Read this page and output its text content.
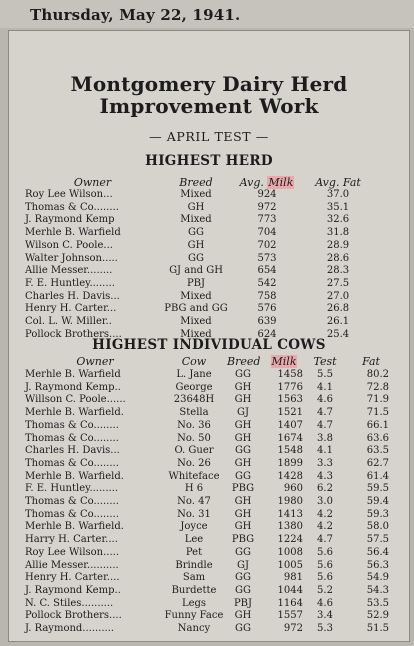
Thursday, May 22, 1941.
Montgomery Dairy Herd
Improvement Work
— APRIL TEST —
HIGHEST HERD
Owner	Breed	Avg. Milk	Avg. Fat
Roy Lee Wilson...	Mixed	924	37.0
Thomas & Co........	GH	972	35.1
J. Raymond Kemp	Mixed	773	32.6
Merhle B. Warfield	GG	704	31.8
Wilson C. Poole...	GH	702	28.9
Walter Johnson.....	GG	573	28.6
Allie Messer........	GJ and GH	654	28.3
F. E. Huntley........	PBJ	542	27.5
Charles H. Davis...	Mixed	758	27.0
Henry H. Carter...	PBG and GG	576	26.8
Col. L. W. Miller..	Mixed	639	26.1
Pollock Brothers....	Mixed	624	25.4
HIGHEST INDIVIDUAL COWS
Owner	Cow	Breed	Milk	Test	Fat
Merhle B. Warfield	L. Jane	GG	1458	5.5	80.2
J. Raymond Kemp..	George	GH	1776	4.1	72.8
Willson C. Poole......	23648H	GH	1563	4.6	71.9
Merhle B. Warfield.	Stella	GJ	1521	4.7	71.5
Thomas & Co........	No. 36	GH	1407	4.7	66.1
Thomas & Co........	No. 50	GH	1674	3.8	63.6
Charles H. Davis...	O. Guer	GG	1548	4.1	63.5
Thomas & Co........	No. 26	GH	1899	3.3	62.7
Merhle B. Warfield.	Whiteface	GG	1428	4.3	61.4
F. E. Huntley.........	H 6	PBG	960	6.2	59.5
Thomas & Co........	No. 47	GH	1980	3.0	59.4
Thomas & Co........	No. 31	GH	1413	4.2	59.3
Merhle B. Warfield.	Joyce	GH	1380	4.2	58.0
Harry H. Carter....	Lee	PBG	1224	4.7	57.5
Roy Lee Wilson.....	Pet	GG	1008	5.6	56.4
Allie Messer..........	Brindle	GJ	1005	5.6	56.3
Henry H. Carter....	Sam	GG	981	5.6	54.9
J. Raymond Kemp..	Burdette	GG	1044	5.2	54.3
N. C. Stiles..........	Legs	PBJ	1164	4.6	53.5
Pollock Brothers....	Funny Face	GH	1557	3.4	52.9
J. Raymond..........	Nancy	GG	972	5.3	51.5
